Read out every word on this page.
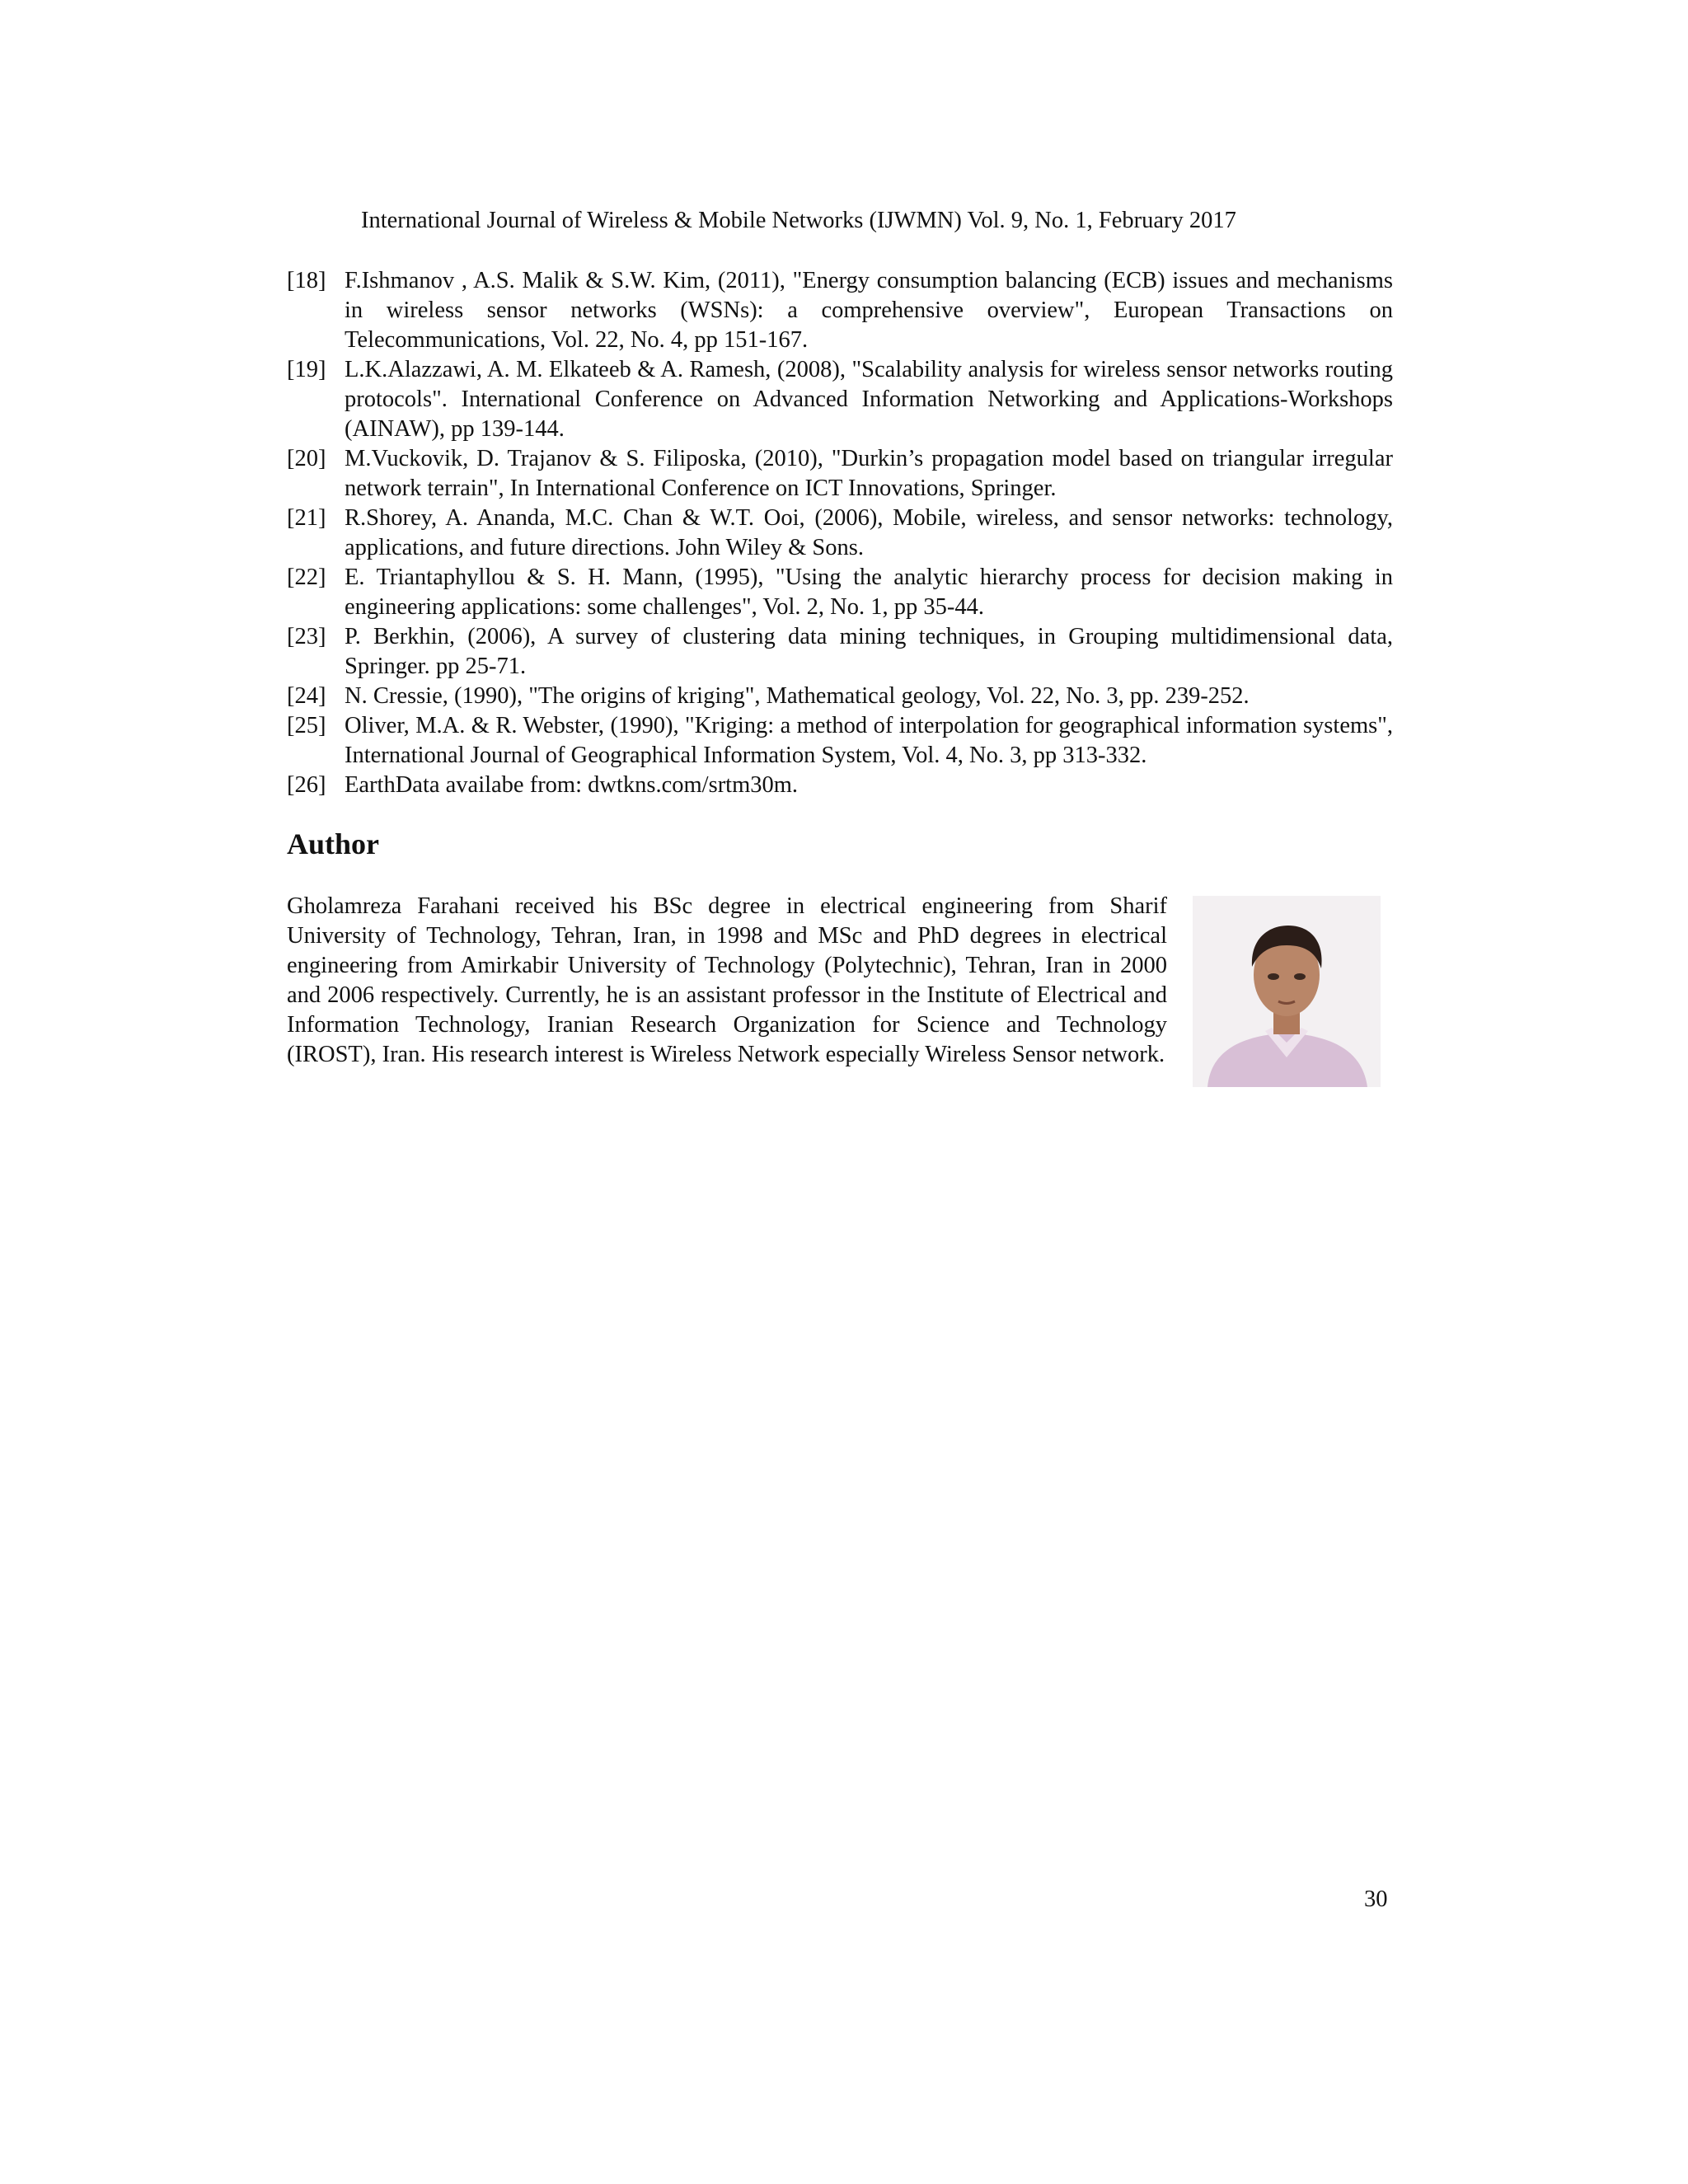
International Journal of Wireless & Mobile Networks (IJWMN) Vol. 9, No. 1, February 2017
[18] F.Ishmanov , A.S. Malik & S.W. Kim, (2011), "Energy consumption balancing (ECB) issues and mechanisms in wireless sensor networks (WSNs): a comprehensive overview", European Transactions on Telecommunications, Vol. 22, No. 4, pp 151-167.
[19] L.K.Alazzawi, A. M. Elkateeb & A. Ramesh, (2008), "Scalability analysis for wireless sensor networks routing protocols". International Conference on Advanced Information Networking and Applications-Workshops (AINAW), pp 139-144.
[20] M.Vuckovik, D. Trajanov & S. Filiposka, (2010), "Durkin’s propagation model based on triangular irregular network terrain", In International Conference on ICT Innovations, Springer.
[21] R.Shorey, A. Ananda, M.C. Chan & W.T. Ooi, (2006), Mobile, wireless, and sensor networks: technology, applications, and future directions. John Wiley & Sons.
[22] E. Triantaphyllou & S. H. Mann, (1995), "Using the analytic hierarchy process for decision making in engineering applications: some challenges", Vol. 2, No. 1, pp 35-44.
[23] P. Berkhin, (2006), A survey of clustering data mining techniques, in Grouping multidimensional data, Springer. pp 25-71.
[24] N. Cressie, (1990), "The origins of kriging", Mathematical geology, Vol. 22, No. 3, pp. 239-252.
[25] Oliver, M.A. & R. Webster, (1990), "Kriging: a method of interpolation for geographical information systems", International Journal of Geographical Information System, Vol. 4, No. 3, pp 313-332.
[26] EarthData availabe from: dwtkns.com/srtm30m.
Author
Gholamreza Farahani received his BSc degree in electrical engineering from Sharif University of Technology, Tehran, Iran, in 1998 and MSc and PhD degrees in electrical engineering from Amirkabir University of Technology (Polytechnic), Tehran, Iran in 2000 and 2006 respectively. Currently, he is an assistant professor in the Institute of Electrical and Information Technology, Iranian Research Organization for Science and Technology (IROST), Iran. His research interest is Wireless Network especially Wireless Sensor network.
30
